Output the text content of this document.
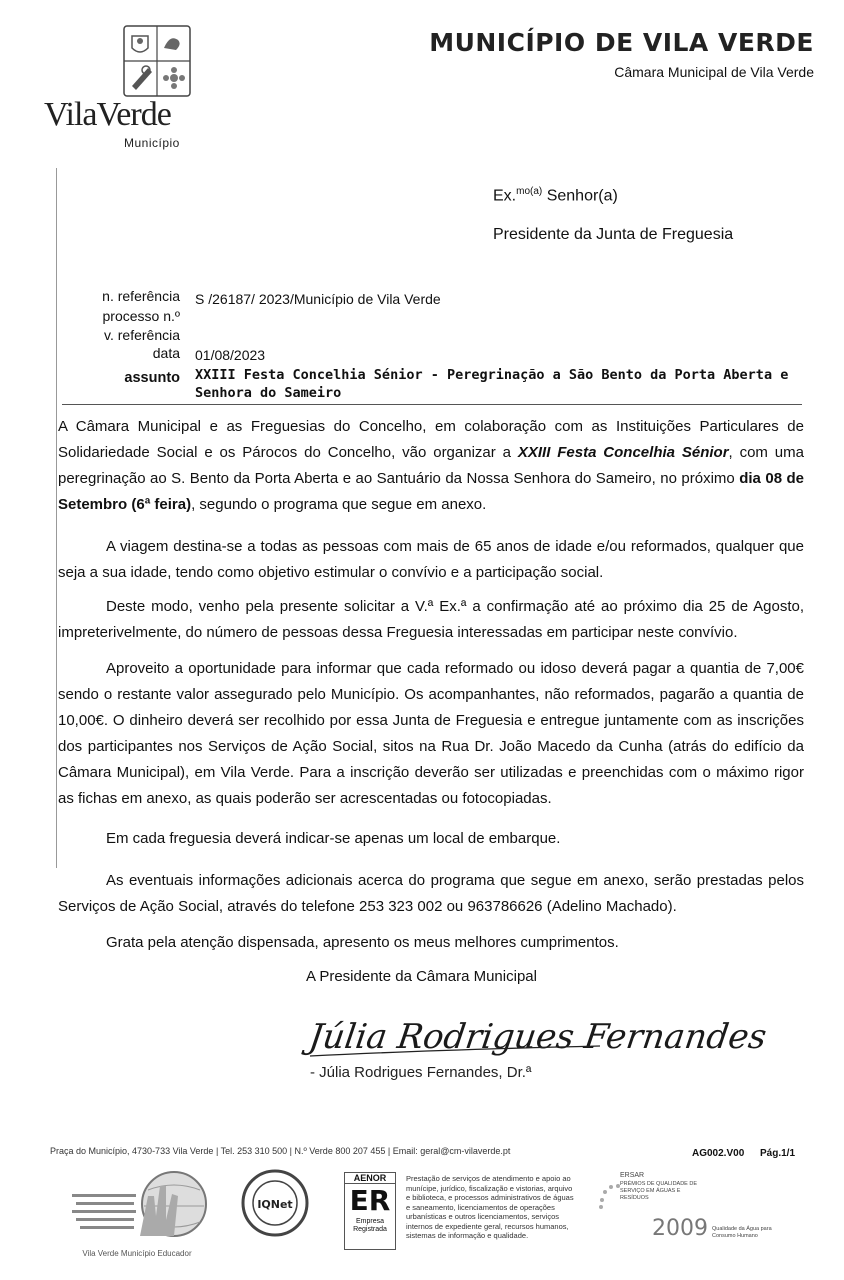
VilaVerde
Município
MUNICÍPIO DE VILA VERDE
Câmara Municipal de Vila Verde
Ex.$^{mo(a)}$ Senhor(a)
Presidente da Junta de Freguesia
n. referência S /26187/ 2023/Município de Vila Verde
processo n.º
v. referência
data 01/08/2023
assunto XXIII Festa Concelhia Sénior - Peregrinação a São Bento da Porta Aberta e
Senhora do Sameiro
A Câmara Municipal e as Freguesias do Concelho, em colaboração com as Instituições Particulares de Solidariedade Social e os Párocos do Concelho, vão organizar a XXIII Festa Concelhia Sénior, com uma peregrinação ao S. Bento da Porta Aberta e ao Santuário da Nossa Senhora do Sameiro, no próximo dia 08 de Setembro (6ª feira), segundo o programa que segue em anexo.
A viagem destina-se a todas as pessoas com mais de 65 anos de idade e/ou reformados, qualquer que seja a sua idade, tendo como objetivo estimular o convívio e a participação social.
Deste modo, venho pela presente solicitar a V.ª Ex.ª a confirmação até ao próximo dia 25 de Agosto, impreterivelmente, do número de pessoas dessa Freguesia interessadas em participar neste convívio.
Aproveito a oportunidade para informar que cada reformado ou idoso deverá pagar a quantia de 7,00€ sendo o restante valor assegurado pelo Município. Os acompanhantes, não reformados, pagarão a quantia de 10,00€. O dinheiro deverá ser recolhido por essa Junta de Freguesia e entregue juntamente com as inscrições dos participantes nos Serviços de Ação Social, sitos na Rua Dr. João Macedo da Cunha (atrás do edifício da Câmara Municipal), em Vila Verde. Para a inscrição deverão ser utilizadas e preenchidas com o máximo rigor as fichas em anexo, as quais poderão ser acrescentadas ou fotocopiadas.
Em cada freguesia deverá indicar-se apenas um local de embarque.
As eventuais informações adicionais acerca do programa que segue em anexo, serão prestadas pelos Serviços de Ação Social, através do telefone 253 323 002 ou 963786626 (Adelino Machado).
Grata pela atenção dispensada, apresento os meus melhores cumprimentos.
A Presidente da Câmara Municipal
Júlia Rodrigues Fernandes
- Júlia Rodrigues Fernandes, Dr.ª
Praça do Município, 4730-733 Vila Verde | Tel. 253 310 500 | N.º Verde 800 207 455 | Email: geral@cm-vilaverde.pt	AG002.V00 Pág.1/1
Vila Verde Município Educador
IQNet
AENOR
ER
Empresa Registrada
Prestação de serviços de atendimento e apoio ao munícipe, jurídico, fiscalização e vistorias, arquivo e biblioteca, e processos administrativos de águas e saneamento, licenciamentos de operações urbanísticas e outros licenciamentos, serviços internos de expediente geral, recursos humanos, sistemas de informação e qualidade.
ERSAR
PRÉMIOS DE QUALIDADE DE SERVIÇO EM ÁGUAS E RESÍDUOS
2009 Qualidade da Água para Consumo Humano
